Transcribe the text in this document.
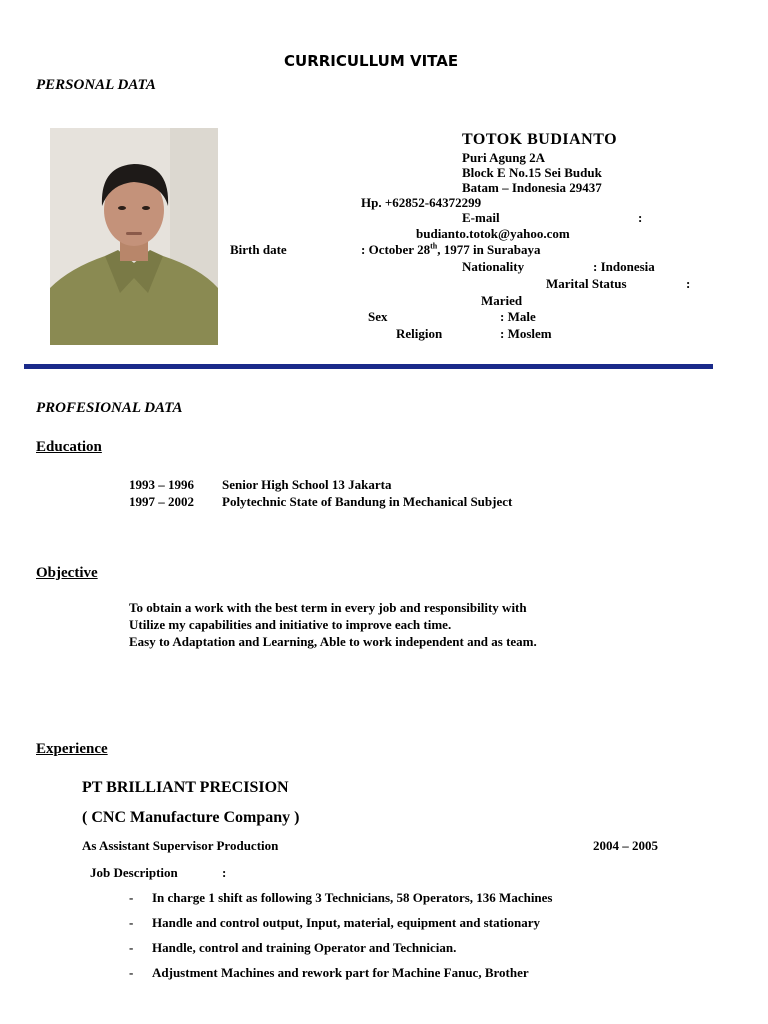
CURRICULLUM VITAE
PERSONAL DATA
TOTOK BUDIANTO
Puri Agung 2A
Block E No.15 Sei Buduk
Batam – Indonesia 29437
Hp. +62852-64372299
E-mail	:
budianto.totok@yahoo.com
Birth date	: October 28th, 1977 in Surabaya
Nationality	: Indonesia
Marital Status	:
Maried
Sex	: Male
Religion	: Moslem
PROFESIONAL DATA
Education
1993 – 1996 Senior High School 13 Jakarta
1997 – 2002 Polytechnic State of Bandung in Mechanical Subject
Objective
To obtain a work with the best term in every job and responsibility with
Utilize my capabilities and initiative to improve each time.
Easy to Adaptation and Learning, Able to work independent and as team.
Experience
PT BRILLIANT PRECISION
( CNC Manufacture Company )
As Assistant Supervisor Production	2004 – 2005
Job Description	:
- In charge 1 shift as following 3 Technicians, 58 Operators, 136 Machines
- Handle and control output, Input, material, equipment and stationary
- Handle, control and training Operator and Technician.
- Adjustment Machines and rework part for Machine Fanuc, Brother
